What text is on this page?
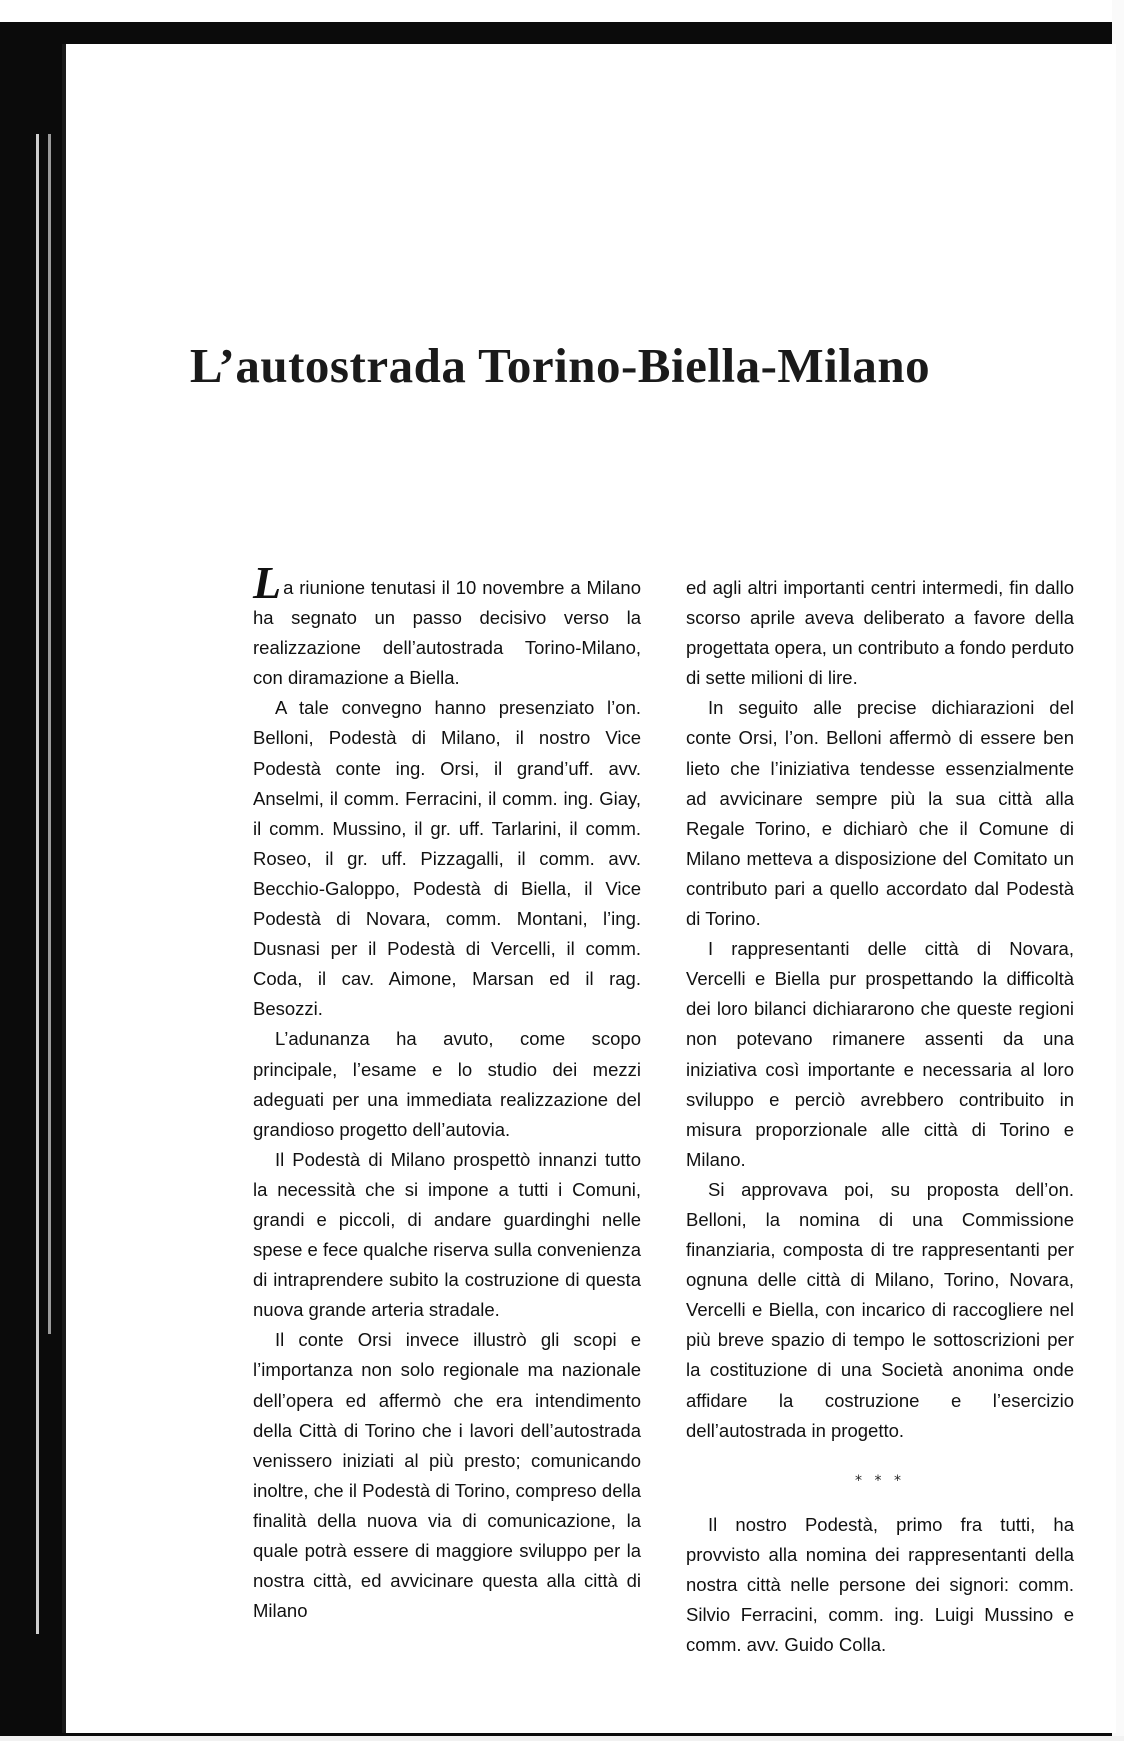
L’autostrada Torino-Biella-Milano

La riunione tenutasi il 10 novembre a Milano ha segnato un passo decisivo verso la realizzazione dell’autostrada Torino-Milano, con diramazione a Biella.

A tale convegno hanno presenziato l’on. Belloni, Podestà di Milano, il nostro Vice Podestà conte ing. Orsi, il grand’uff. avv. Anselmi, il comm. Ferracini, il comm. ing. Giay, il comm. Mussino, il gr. uff. Tarlarini, il comm. Roseo, il gr. uff. Pizzagalli, il comm. avv. Becchio-Galoppo, Podestà di Biella, il Vice Podestà di Novara, comm. Montani, l’ing. Dusnasi per il Podestà di Vercelli, il comm. Coda, il cav. Aimone, Marsan ed il rag. Besozzi.

L’adunanza ha avuto, come scopo principale, l’esame e lo studio dei mezzi adeguati per una immediata realizzazione del grandioso progetto dell’autovia.

Il Podestà di Milano prospettò innanzi tutto la necessità che si impone a tutti i Comuni, grandi e piccoli, di andare guardinghi nelle spese e fece qualche riserva sulla convenienza di intraprendere subito la costruzione di questa nuova grande arteria stradale.

Il conte Orsi invece illustrò gli scopi e l’importanza non solo regionale ma nazionale dell’opera ed affermò che era intendimento della Città di Torino che i lavori dell’autostrada venissero iniziati al più presto; comunicando inoltre, che il Podestà di Torino, compreso della finalità della nuova via di comunicazione, la quale potrà essere di maggiore sviluppo per la nostra città, ed avvicinare questa alla città di Milano

ed agli altri importanti centri intermedi, fin dallo scorso aprile aveva deliberato a favore della progettata opera, un contributo a fondo perduto di sette milioni di lire.

In seguito alle precise dichiarazioni del conte Orsi, l’on. Belloni affermò di essere ben lieto che l’iniziativa tendesse essenzialmente ad avvicinare sempre più la sua città alla Regale Torino, e dichiarò che il Comune di Milano metteva a disposizione del Comitato un contributo pari a quello accordato dal Podestà di Torino.

I rappresentanti delle città di Novara, Vercelli e Biella pur prospettando la difficoltà dei loro bilanci dichiararono che queste regioni non potevano rimanere assenti da una iniziativa così importante e necessaria al loro sviluppo e perciò avrebbero contribuito in misura proporzionale alle città di Torino e Milano.

Si approvava poi, su proposta dell’on. Belloni, la nomina di una Commissione finanziaria, composta di tre rappresentanti per ognuna delle città di Milano, Torino, Novara, Vercelli e Biella, con incarico di raccogliere nel più breve spazio di tempo le sottoscrizioni per la costituzione di una Società anonima onde affidare la costruzione e l’esercizio dell’autostrada in progetto.

* * *

Il nostro Podestà, primo fra tutti, ha provvisto alla nomina dei rappresentanti della nostra città nelle persone dei signori: comm. Silvio Ferracini, comm. ing. Luigi Mussino e comm. avv. Guido Colla.
